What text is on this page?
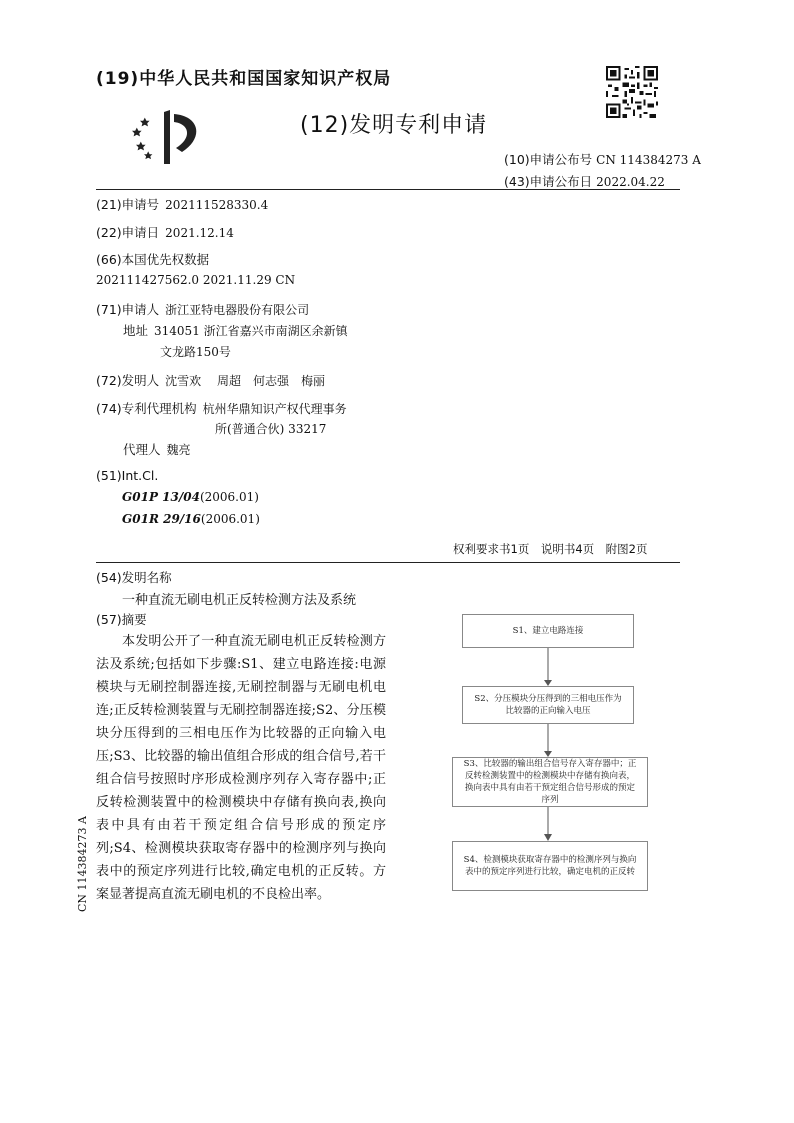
(19)中华人民共和国国家知识产权局
(12)发明专利申请
(10)申请公布号 CN 114384273 A
(43)申请公布日 2022.04.22
(21)申请号 202111528330.4
(22)申请日 2021.12.14
(66)本国优先权数据
202111427562.0 2021.11.29 CN
(71)申请人 浙江亚特电器股份有限公司
地址 314051 浙江省嘉兴市南湖区余新镇
文龙路150号
(72)发明人 沈雪欢　 周超　何志强　梅丽
(74)专利代理机构 杭州华鼎知识产权代理事务
所(普通合伙) 33217
代理人 魏亮
(51)Int.Cl.
G01P 13/04(2006.01)
G01R 29/16(2006.01)
权利要求书1页　说明书4页　附图2页
(54)发明名称
一种直流无刷电机正反转检测方法及系统
(57)摘要
本发明公开了一种直流无刷电机正反转检测方法及系统;包括如下步骤:S1、建立电路连接:电源模块与无刷控制器连接,无刷控制器与无刷电机电连;正反转检测装置与无刷控制器连接;S2、分压模块分压得到的三相电压作为比较器的正向输入电压;S3、比较器的输出值组合形成的组合信号,若干组合信号按照时序形成检测序列存入寄存器中;正反转检测装置中的检测模块中存储有换向表,换向表中具有由若干预定组合信号形成的预定序列;S4、检测模块获取寄存器中的检测序列与换向表中的预定序列进行比较,确定电机的正反转。方案显著提高直流无刷电机的不良检出率。
S1、建立电路连接
S2、分压模块分压得到的三相电压作为比较器的正向输入电压
S3、比较器的输出组合信号存入寄存器中；正反转检测装置中的检测模块中存储有换向表，换向表中具有由若干预定组合信号形成的预定序列
S4、检测模块获取寄存器中的检测序列与换向表中的预定序列进行比较，确定电机的正反转
CN 114384273 A
